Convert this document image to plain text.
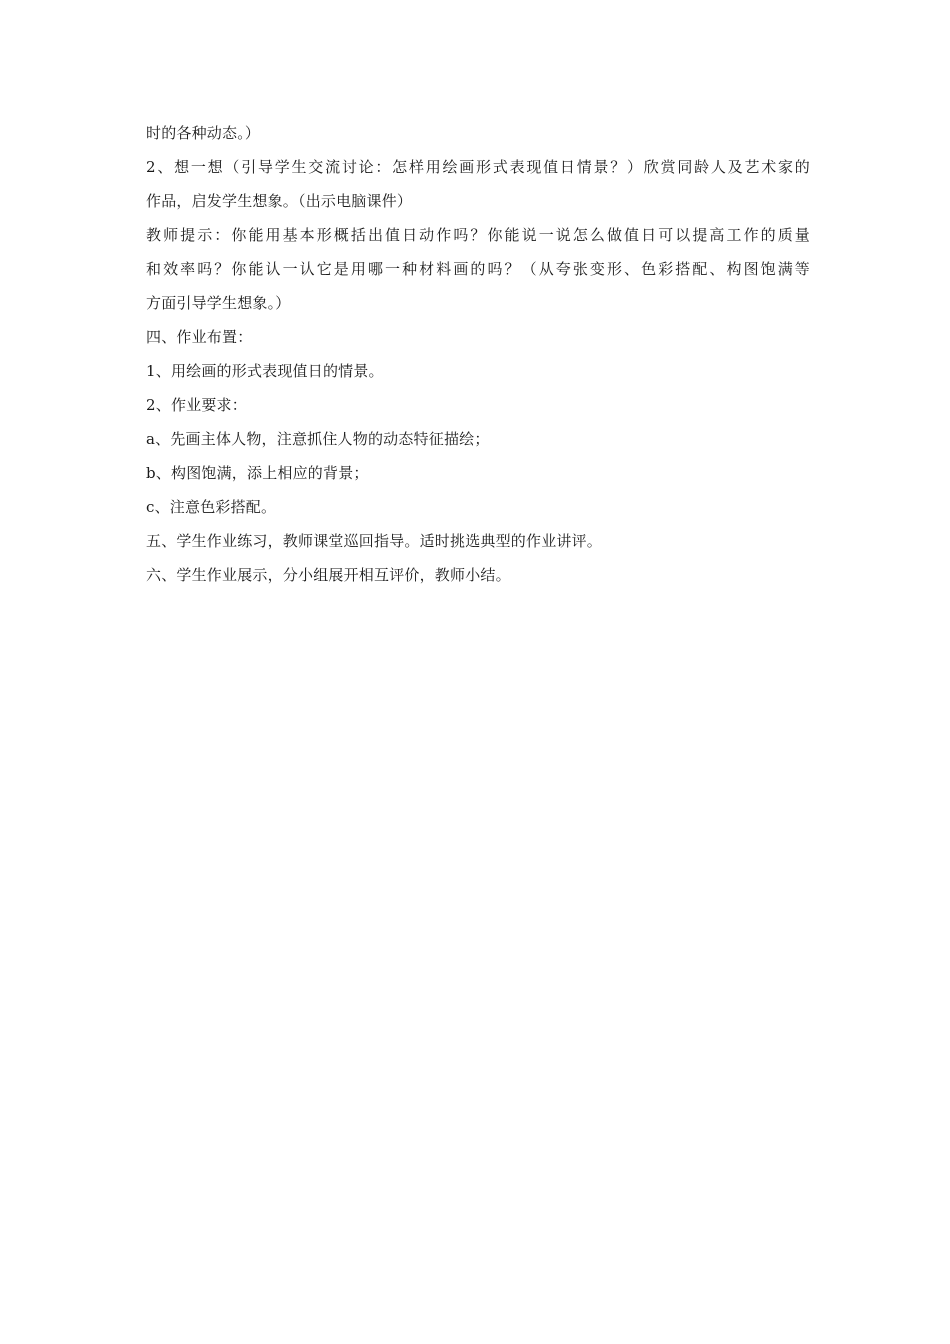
时的各种动态。）
2、想一想（引导学生交流讨论：怎样用绘画形式表现值日情景？）欣赏同龄人及艺术家的
作品，启发学生想象。（出示电脑课件）
教师提示：你能用基本形概括出值日动作吗？你能说一说怎么做值日可以提高工作的质量
和效率吗？你能认一认它是用哪一种材料画的吗？（从夸张变形、色彩搭配、构图饱满等
方面引导学生想象。）
四、作业布置：
1、用绘画的形式表现值日的情景。
2、作业要求：
a、先画主体人物，注意抓住人物的动态特征描绘；
b、构图饱满，添上相应的背景；
c、注意色彩搭配。
五、学生作业练习，教师课堂巡回指导。适时挑选典型的作业讲评。
六、学生作业展示，分小组展开相互评价，教师小结。
